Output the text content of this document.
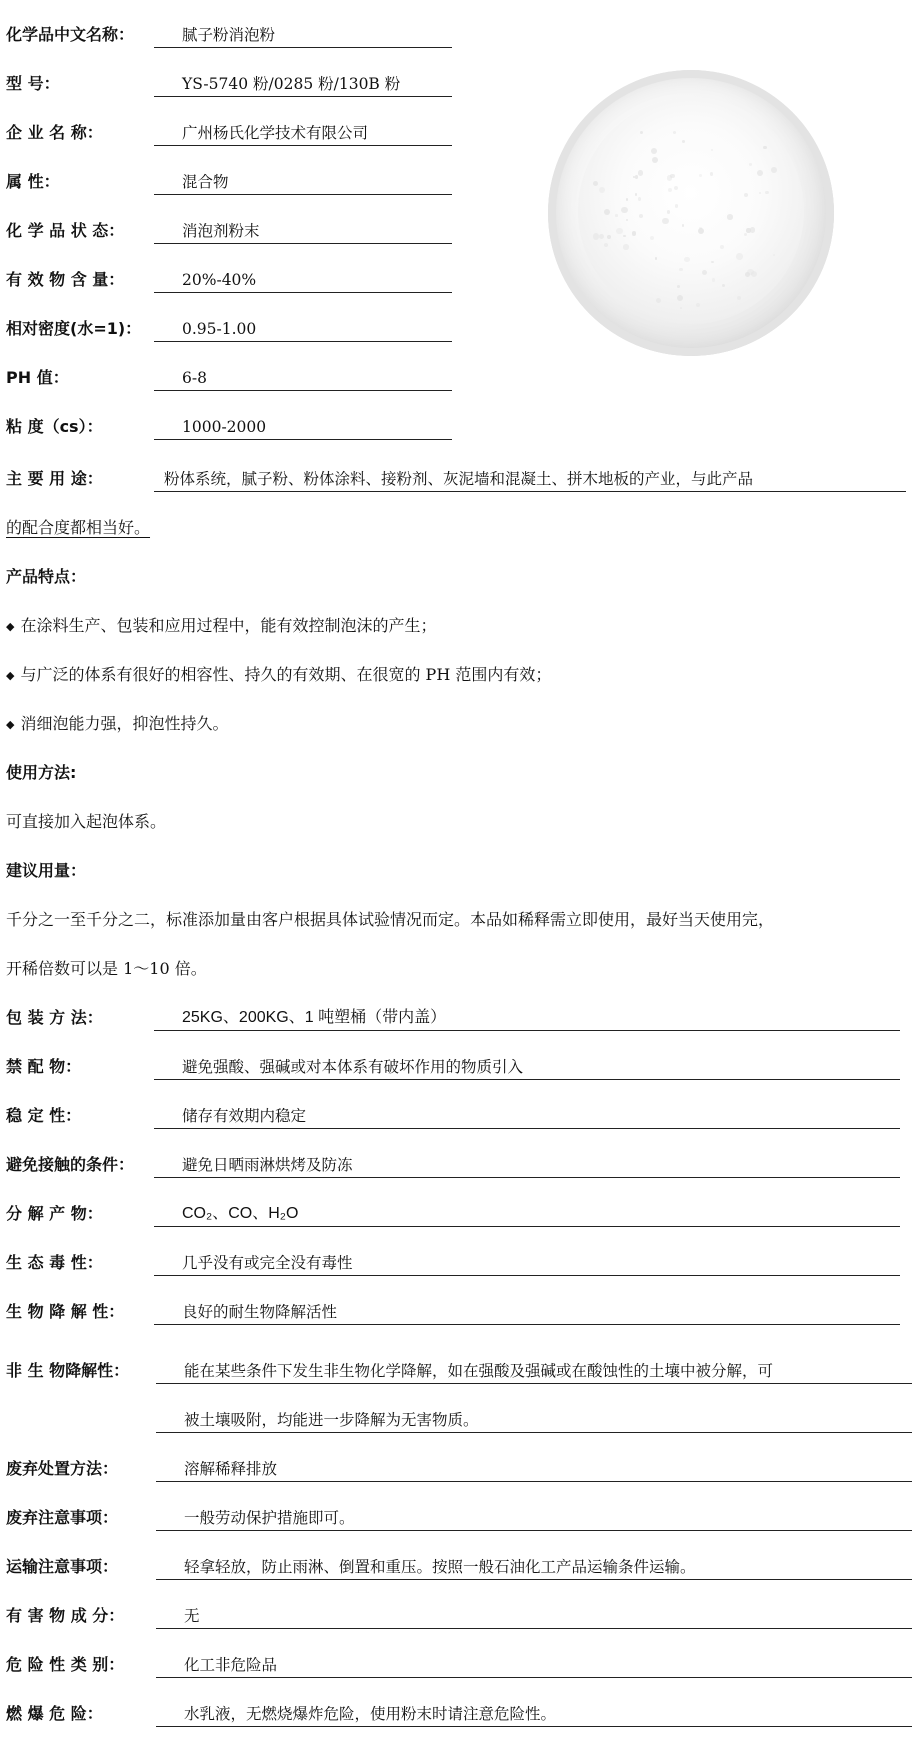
化学品中文名称：	腻子粉消泡粉
型 号：	YS-5740 粉/0285 粉/130B 粉
企 业 名 称：	广州杨氏化学技术有限公司
属 性：	混合物
化 学 品 状 态：	消泡剂粉末
有 效 物 含 量：	20%-40%
相对密度(水=1)：	0.95-1.00
PH 值：	6-8
粘 度（cs）：	1000-2000
主 要 用 途：	粉体系统，腻子粉、粉体涂料、接粉剂、灰泥墙和混凝土、拼木地板的产业，与此产品
的配合度都相当好。
产品特点：
◆ 在涂料生产、包装和应用过程中，能有效控制泡沫的产生；
◆ 与广泛的体系有很好的相容性、持久的有效期、在很宽的 PH 范围内有效；
◆ 消细泡能力强，抑泡性持久。
使用方法:
可直接加入起泡体系。
建议用量：
千分之一至千分之二，标准添加量由客户根据具体试验情况而定。本品如稀释需立即使用，最好当天使用完，
开稀倍数可以是 1～10 倍。
包 装 方 法：	25KG、200KG、1 吨塑桶（带内盖）
禁 配 物：	避免强酸、强碱或对本体系有破坏作用的物质引入
稳 定 性：	储存有效期内稳定
避免接触的条件：	避免日晒雨淋烘烤及防冻
分 解 产 物：	CO₂、CO、H₂O
生 态 毒 性：	几乎没有或完全没有毒性
生 物 降 解 性：	良好的耐生物降解活性
非 生 物降解性：	能在某些条件下发生非生物化学降解，如在强酸及强碱或在酸蚀性的土壤中被分解，可
被土壤吸附，均能进一步降解为无害物质。
废弃处置方法：	溶解稀释排放
废弃注意事项：	一般劳动保护措施即可。
运输注意事项：	轻拿轻放，防止雨淋、倒置和重压。按照一般石油化工产品运输条件运输。
有 害 物 成 分：	无
危 险 性 类 别：	化工非危险品
燃 爆 危 险：	水乳液，无燃烧爆炸危险，使用粉末时请注意危险性。
